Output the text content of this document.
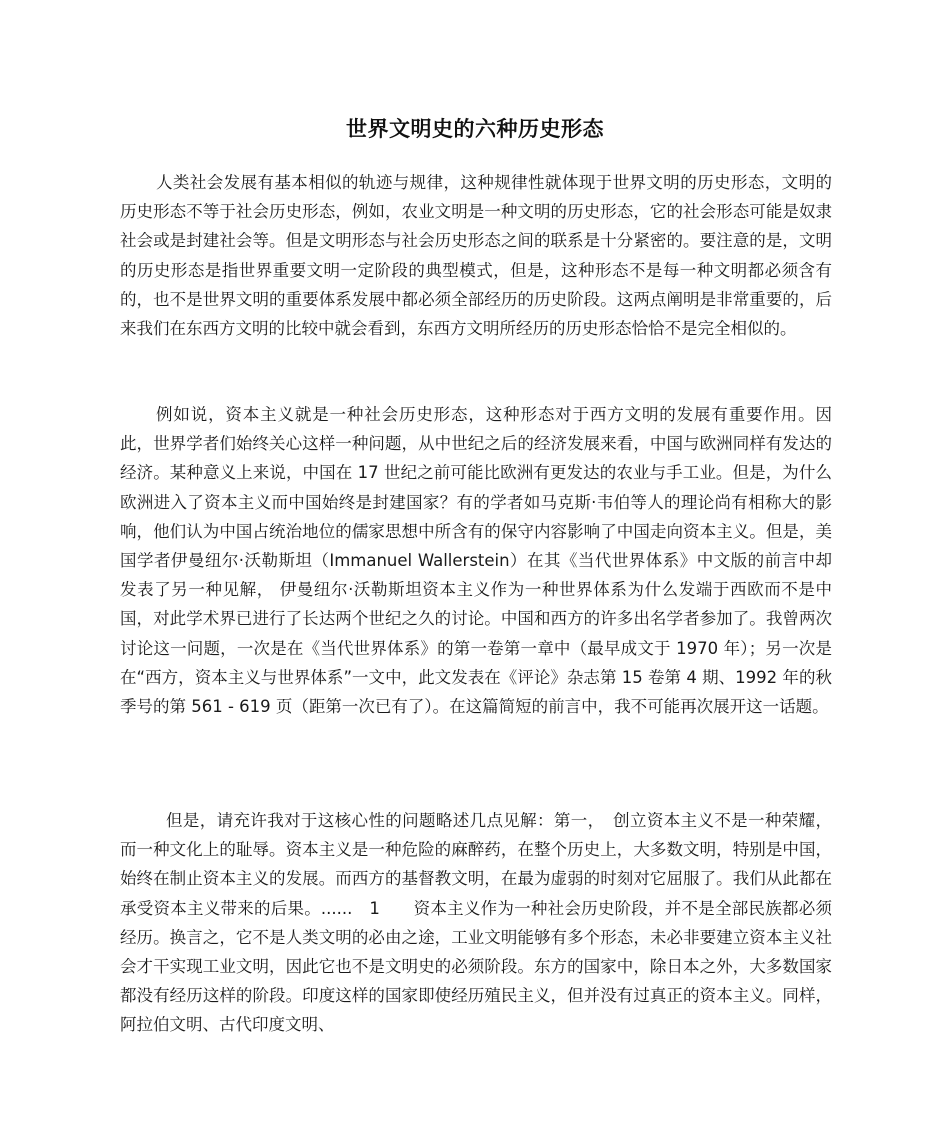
世界文明史的六种历史形态

人类社会发展有基本相似的轨迹与规律，这种规律性就体现于世界文明的历史形态，文明的历史形态不等于社会历史形态，例如，农业文明是一种文明的历史形态，它的社会形态可能是奴隶社会或是封建社会等。但是文明形态与社会历史形态之间的联系是十分紧密的。要注意的是，文明的历史形态是指世界重要文明一定阶段的典型模式，但是，这种形态不是每一种文明都必须含有的，也不是世界文明的重要体系发展中都必须全部经历的历史阶段。这两点阐明是非常重要的，后来我们在东西方文明的比较中就会看到，东西方文明所经历的历史形态恰恰不是完全相似的。

例如说，资本主义就是一种社会历史形态，这种形态对于西方文明的发展有重要作用。因此，世界学者们始终关心这样一种问题，从中世纪之后的经济发展来看，中国与欧洲同样有发达的经济。某种意义上来说，中国在 17 世纪之前可能比欧洲有更发达的农业与手工业。但是，为什么欧洲进入了资本主义而中国始终是封建国家？有的学者如马克斯·韦伯等人的理论尚有相称大的影响，他们认为中国占统治地位的儒家思想中所含有的保守内容影响了中国走向资本主义。但是，美国学者伊曼纽尔·沃勒斯坦（Immanuel Wallerstein）在其《当代世界体系》中文版的前言中却发表了另一种见解， 伊曼纽尔·沃勒斯坦资本主义作为一种世界体系为什么发端于西欧而不是中国，对此学术界已进行了长达两个世纪之久的讨论。中国和西方的许多出名学者参加了。我曾两次讨论这一问题，一次是在《当代世界体系》的第一卷第一章中（最早成文于 1970 年）；另一次是在“西方，资本主义与世界体系”一文中，此文发表在《评论》杂志第 15 卷第 4 期、1992 年的秋季号的第 561 - 619 页（距第一次已有了）。在这篇简短的前言中，我不可能再次展开这一话题。

但是，请充许我对于这核心性的问题略述几点见解：第一，　创立资本主义不是一种荣耀，而一种文化上的耻辱。资本主义是一种危险的麻醉药，在整个历史上，大多数文明，特别是中国，始终在制止资本主义的发展。而西方的基督教文明，在最为虚弱的时刻对它屈服了。我们从此都在承受资本主义带来的后果。......　1　　资本主义作为一种社会历史阶段，并不是全部民族都必须经历。换言之，它不是人类文明的必由之途，工业文明能够有多个形态，未必非要建立资本主义社会才干实现工业文明，因此它也不是文明史的必须阶段。东方的国家中，除日本之外，大多数国家都没有经历这样的阶段。印度这样的国家即使经历殖民主义，但并没有过真正的资本主义。同样，阿拉伯文明、古代印度文明、
